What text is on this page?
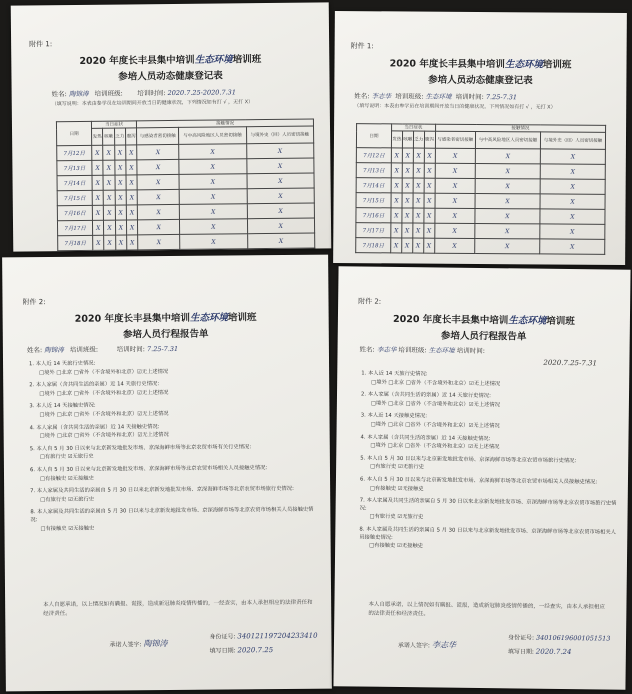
附件 1:
2020 年度长丰县集中培训生态环境培训班
参培人员动态健康登记表
姓名: 陶锦涛 培训班级: 培训时间: 2020.7.25-2020.7.31
（填写说明：本表由参学员在培训期间开放当日的健康状况，下列情况如有打 √ ，无打 X）
日期	当日症状				接触情况		
	发热	咳嗽	乏力	腹泻	与感染者密切接触	与中高风险地区人员密切接触	与境外史（回）人员密切接触
7月12日	X	X	X	X	X	X	X
7月13日	X	X	X	X	X	X	X
7月14日	X	X	X	X	X	X	X
7月15日	X	X	X	X	X	X	X
7月16日	X	X	X	X	X	X	X
7月17日	X	X	X	X	X	X	X
7月18日	X	X	X	X	X	X	X
附件 1:
2020 年度长丰县集中培训生态环境培训班
参培人员动态健康登记表
姓名: 李志华 培训班级: 生态环境 培训时间: 7.25-7.31
（填写说明：本表由参学员在培训期间开放当日的健康状况，下列情况如有打 √ ，无打 X）
日期	当日症状				接触情况		
	发热	咳嗽	乏力	腹泻	与感染者密切接触	与中高风险地区人员密切接触	与境外史（回）人员密切接触
7月12日	X	X	X	X	X	X	X
7月13日	X	X	X	X	X	X	X
7月14日	X	X	X	X	X	X	X
7月15日	X	X	X	X	X	X	X
7月16日	X	X	X	X	X	X	X
7月17日	X	X	X	X	X	X	X
7月18日	X	X	X	X	X	X	X
附件 2:
2020 年度长丰县集中培训生态环境培训班
参培人员行程报告单
姓名: 陶锦涛 培训班级:	培训时间: 7.25-7.31
1. 本人近 14 天旅行史情况:
□境外 □北京 □省外（不含境外和北京）☑无上述情况
2. 本人家属（含共同生活的亲属）近 14 天旅行史情况:
□境外 □北京 □省外（不含境外和北京）☑无上述情况
3. 本人近 14 天接触史情况:
□境外 □北京 □省外（不含境外和北京）☑无上述情况
4. 本人家属（含共同生活的亲属）近 14 天接触史情况:
□境外 □北京 □省外（不含境外和北京）☑无上述情况
5. 本人自 5 月 30 日以来与北京新发地批发市场、京深海鲜市场等北京农贸市场有关行史情况:
□有旅行史 ☑无旅行史
6. 本人自 5 月 30 日以来与北京新发地批发市场、京深海鲜市场等北京农贸市场相关人员接触史情况:
□有接触史 ☑无接触史
7. 本人家属及共同生活的亲属自 5 月 30 日以来北京新发地批发市场、京深海鲜市场等北京农贸市场旅行史情况:
□有旅行史 ☑无旅行史
8. 本人家属及共同生活的亲属自 5 月 30 日以来与北京新发地批发市场、京深海鲜市场等北京农贸市场相关人员接触史情况:
□有接触史 ☑无接触史
本人自愿承诺，以上情况如有瞒报、谎报，造成新冠肺炎疫情传播的，一经查实，由本人承担相应的法律责任和经济责任。
承诺人签字: 陶锦涛
身份证号: 340121197204233410
填写日期: 2020.7.25
附件 2:
2020 年度长丰县集中培训生态环境培训班
参培人员行程报告单
姓名: 李志华 培训班级: 生态环境 培训时间:
2020.7.25-7.31
1. 本人近 14 天旅行史情况:
□境外 □北京 □省外（不含境外和北京）☑无上述情况
2. 本人家属（含共同生活的亲属）近 14 天旅行史情况:
□境外 □北京 □省外（不含境外和北京）☑无上述情况
3. 本人近 14 天接触史情况:
□境外 □北京 □省外（不含境外和北京）☑无上述情况
4. 本人家属（含共同生活的亲属）近 14 天接触史情况:
□境外 □北京 □省外（不含境外和北京）☑无上述情况
5. 本人自 5 月 30 日以来与北京新发地批发市场、京深海鲜市场等北京农贸市场旅行史情况:
□有旅行史 ☑无旅行史
6. 本人自 5 月 30 日以来与北京新发地批发市场、京深海鲜市场等北京农贸市场相关人员接触史情况:
□有接触史 ☑无接触史
7. 本人家属及共同生活的亲属自 5 月 30 日以来北京新发地批发市场、京深海鲜市场等北京农贸市场旅行史情况:
□有旅行史 ☑无旅行史
8. 本人家属及共同生活的亲属自 5 月 30 日以来与北京新发地批发市场、京深海鲜市场等北京农贸市场相关人员接触史情况:
□有接触史 ☑无接触史
本人自愿承诺，以上情况如有瞒报、谎报，造成新冠肺炎疫情传播的，一经查实，由本人承担相应的法律责任和经济责任。
承诺人签字: 李志华
身份证号: 340106196001051513
填写日期: 2020.7.24
